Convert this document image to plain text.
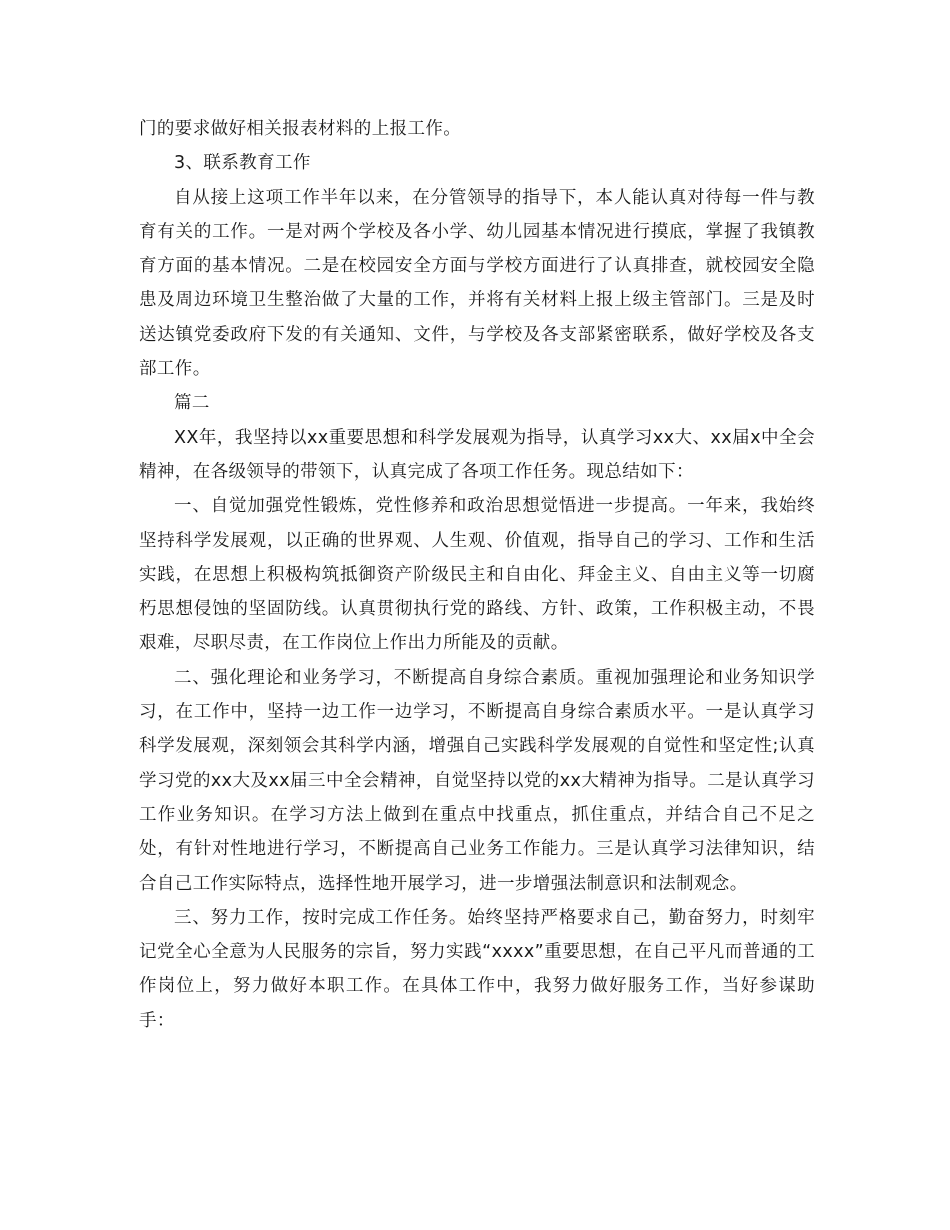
门的要求做好相关报表材料的上报工作。

3、联系教育工作

自从接上这项工作半年以来，在分管领导的指导下，本人能认真对待每一件与教育有关的工作。一是对两个学校及各小学、幼儿园基本情况进行摸底，掌握了我镇教育方面的基本情况。二是在校园安全方面与学校方面进行了认真排查，就校园安全隐患及周边环境卫生整治做了大量的工作，并将有关材料上报上级主管部门。三是及时送达镇党委政府下发的有关通知、文件，与学校及各支部紧密联系，做好学校及各支部工作。

篇二

XX年，我坚持以xx重要思想和科学发展观为指导，认真学习xx大、xx届x中全会精神，在各级领导的带领下，认真完成了各项工作任务。现总结如下：

一、自觉加强党性锻炼，党性修养和政治思想觉悟进一步提高。一年来，我始终坚持科学发展观，以正确的世界观、人生观、价值观，指导自己的学习、工作和生活实践，在思想上积极构筑抵御资产阶级民主和自由化、拜金主义、自由主义等一切腐朽思想侵蚀的坚固防线。认真贯彻执行党的路线、方针、政策，工作积极主动，不畏艰难，尽职尽责，在工作岗位上作出力所能及的贡献。

二、强化理论和业务学习，不断提高自身综合素质。重视加强理论和业务知识学习，在工作中，坚持一边工作一边学习，不断提高自身综合素质水平。一是认真学习科学发展观，深刻领会其科学内涵，增强自己实践科学发展观的自觉性和坚定性;认真学习党的xx大及xx届三中全会精神，自觉坚持以党的xx大精神为指导。二是认真学习工作业务知识。在学习方法上做到在重点中找重点，抓住重点，并结合自己不足之处，有针对性地进行学习，不断提高自己业务工作能力。三是认真学习法律知识，结合自己工作实际特点，选择性地开展学习，进一步增强法制意识和法制观念。

三、努力工作，按时完成工作任务。始终坚持严格要求自己，勤奋努力，时刻牢记党全心全意为人民服务的宗旨，努力实践“xxxx”重要思想，在自己平凡而普通的工作岗位上，努力做好本职工作。在具体工作中，我努力做好服务工作，当好参谋助手：
